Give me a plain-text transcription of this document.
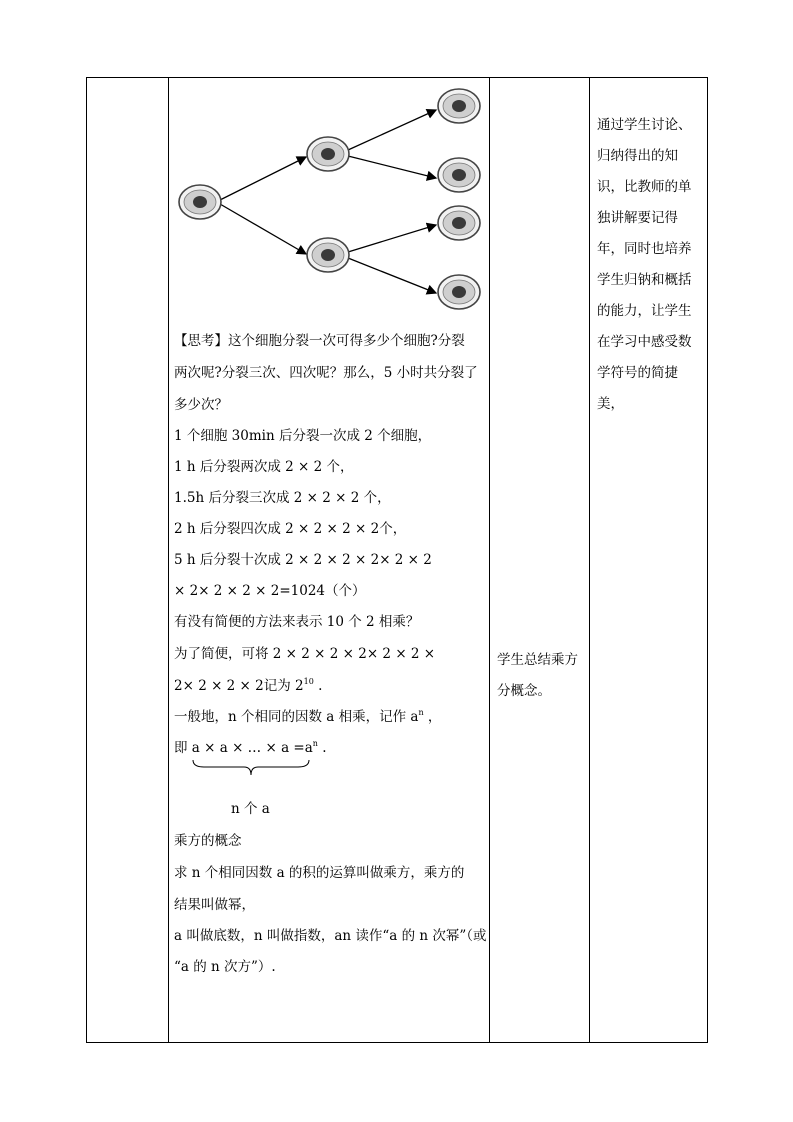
【思考】这个细胞分裂一次可得多少个细胞?分裂
两次呢?分裂三次、四次呢？那么，5 小时共分裂了
多少次？
1 个细胞 30min 后分裂一次成 2 个细胞，
1 h 后分裂两次成 2 × 2 个，
1.5h 后分裂三次成 2 × 2 × 2 个，
2 h 后分裂四次成 2 × 2 × 2 × 2个，
5 h 后分裂十次成 2 × 2 × 2 × 2× 2 × 2
× 2× 2 × 2 × 2=1024（个）
有没有简便的方法来表示 10 个 2 相乘？
为了简便，可将 2 × 2 × 2 × 2× 2 × 2 ×
2× 2 × 2 × 2记为 $2^{10}$ .
一般地，n 个相同的因数 a 相乘，记作 $a^n$ ，
即 a × a × … × $a =a^n$ .
n 个 a
乘方的概念
求 n 个相同因数 a 的积的运算叫做乘方，乘方的
结果叫做幂，
a 叫做底数，n 叫做指数，an 读作“a 的 n 次幂”（或
“a 的 n 次方”）.
学生总结乘方
分概念。
通过学生讨论、
归纳得出的知
识，比教师的单
独讲解要记得
年，同时也培养
学生归钠和概括
的能力，让学生
在学习中感受数
学符号的简捷
美，
